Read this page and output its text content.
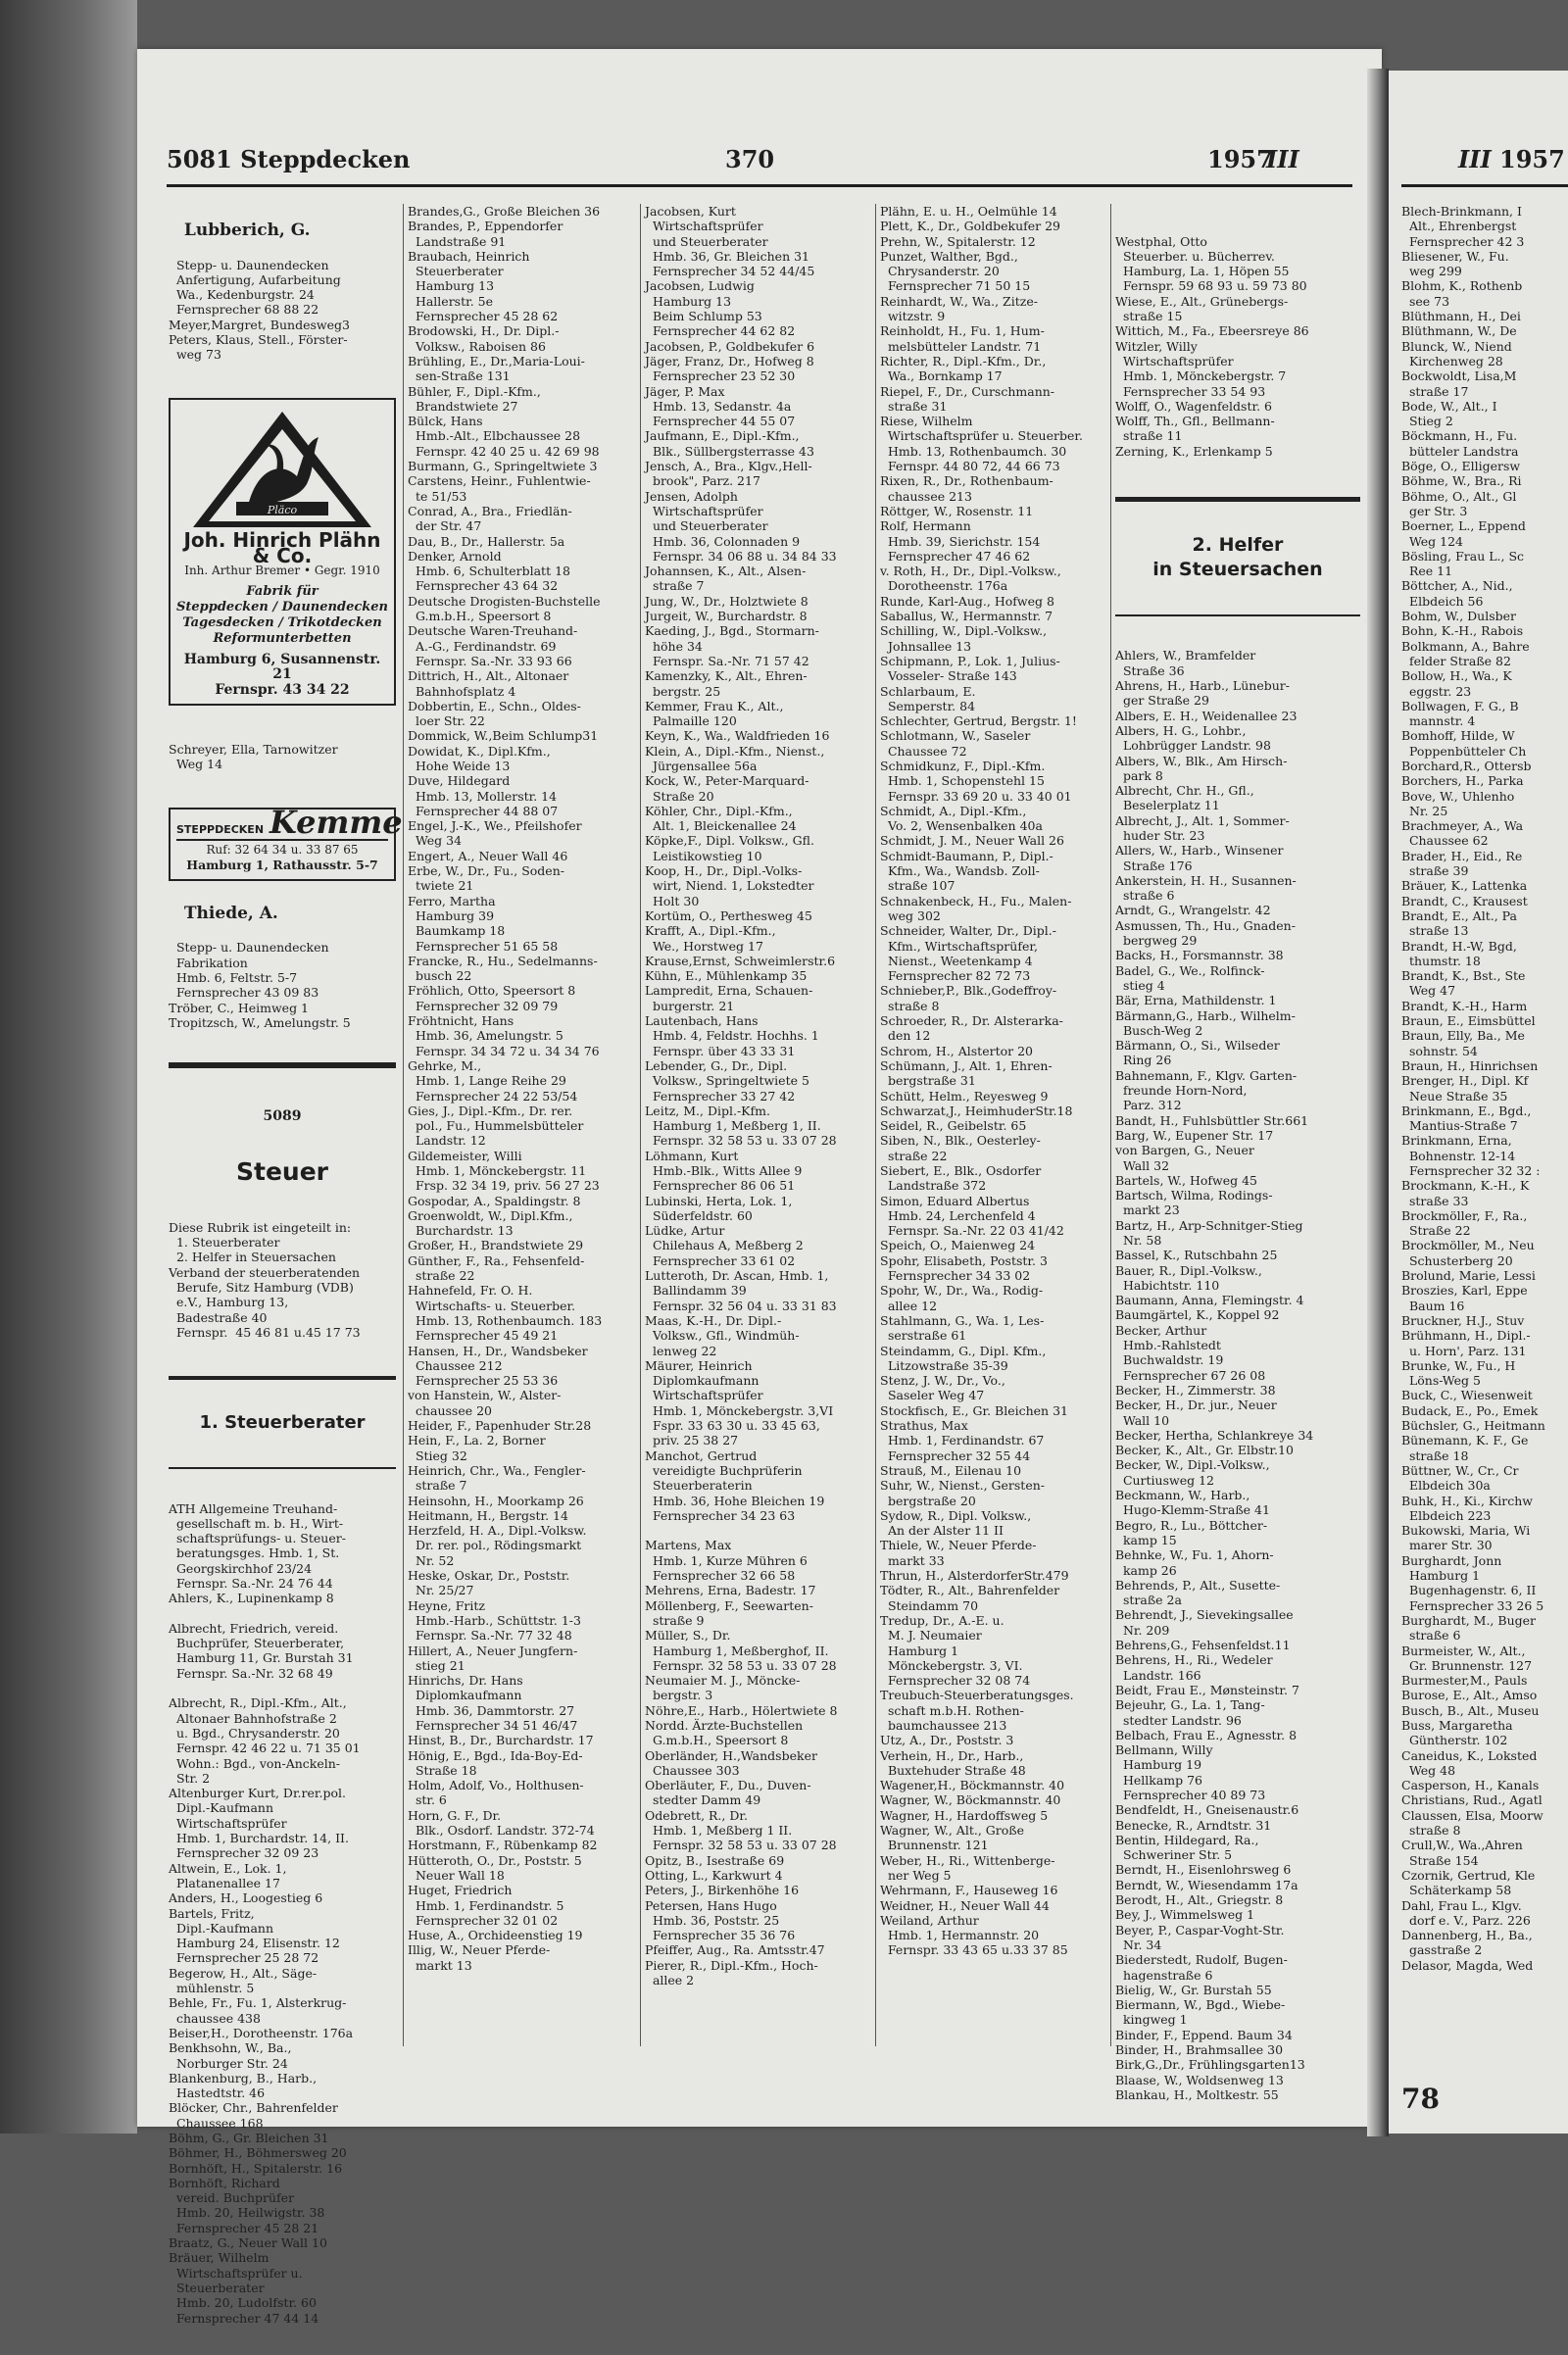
5081 Steppdecken	370	1957
III	III 1957

Lubberich, G.

Stepp- u. Daunendecken
Anfertigung, Aufarbeitung
Wa., Kedenburgstr. 24
Fernsprecher 68 88 22
Meyer,Margret, Bundesweg3
Peters, Klaus, Stell., Förster-
weg 73

Pläco
Joh. Hinrich Plähn & Co.
Inh. Arthur Bremer • Gegr. 1910
Fabrik für
Steppdecken / Daunendecken
Tagesdecken / Trikotdecken
Reformunterbetten
Hamburg 6, Susannenstr. 21
Fernspr. 43 34 22

Schreyer, Ella, Tarnowitzer
Weg 14

STEPPDECKEN Kemme
Ruf: 32 64 34 u. 33 87 65
Hamburg 1, Rathausstr. 5-7

Thiede, A.

Stepp- u. Daunendecken
Fabrikation
Hmb. 6, Feltstr. 5-7
Fernsprecher 43 09 83
Tröber, C., Heimweg 1
Tropitzsch, W., Amelungstr. 5

5089

Steuer

Diese Rubrik ist eingeteilt in:
1. Steuerberater
2. Helfer in Steuersachen
Verband der steuerberatenden
Berufe, Sitz Hamburg (VDB)
e.V., Hamburg 13,
Badestraße 40
Fernspr.  45 46 81 u.45 17 73

1. Steuerberater

ATH Allgemeine Treuhand-
gesellschaft m. b. H., Wirt-
schaftsprüfungs- u. Steuer-
beratungsges. Hmb. 1, St.
Georgskirchhof 23/24
Fernspr. Sa.-Nr. 24 76 44
Ahlers, K., Lupinenkamp 8

Albrecht, Friedrich, vereid.
Buchprüfer, Steuerberater,
Hamburg 11, Gr. Burstah 31
Fernspr. Sa.-Nr. 32 68 49

Albrecht, R., Dipl.-Kfm., Alt.,
Altonaer Bahnhofstraße 2
u. Bgd., Chrysanderstr. 20
Fernspr. 42 46 22 u. 71 35 01
Wohn.: Bgd., von-Anckeln-
Str. 2
Altenburger Kurt, Dr.rer.pol.
Dipl.-Kaufmann
Wirtschaftsprüfer
Hmb. 1, Burchardstr. 14, II.
Fernsprecher 32 09 23
Altwein, E., Lok. 1,
Platanenallee 17
Anders, H., Loogestieg 6
Bartels, Fritz,
Dipl.-Kaufmann
Hamburg 24, Elisenstr. 12
Fernsprecher 25 28 72
Begerow, H., Alt., Säge-
mühlenstr. 5
Behle, Fr., Fu. 1, Alsterkrug-
chaussee 438
Beiser,H., Dorotheenstr. 176a
Benkhsohn, W., Ba.,
Norburger Str. 24
Blankenburg, B., Harb.,
Hastedtstr. 46
Blöcker, Chr., Bahrenfelder
Chaussee 168
Böhm, G., Gr. Bleichen 31
Böhmer, H., Böhmersweg 20
Bornhöft, H., Spitalerstr. 16
Bornhöft, Richard
vereid. Buchprüfer
Hmb. 20, Heilwigstr. 38
Fernsprecher 45 28 21
Braatz, G., Neuer Wall 10
Bräuer, Wilhelm
Wirtschaftsprüfer u.
Steuerberater
Hmb. 20, Ludolfstr. 60
Fernsprecher 47 44 14

Brandes,G., Große Bleichen 36
Brandes, P., Eppendorfer
Landstraße 91
Braubach, Heinrich
Steuerberater
Hamburg 13
Hallerstr. 5e
Fernsprecher 45 28 62
Brodowski, H., Dr. Dipl.-
Volksw., Raboisen 86
Brühling, E., Dr.,Maria-Loui-
sen-Straße 131
Bühler, F., Dipl.-Kfm.,
Brandstwiete 27
Bülck, Hans
Hmb.-Alt., Elbchaussee 28
Fernspr. 42 40 25 u. 42 69 98
Burmann, G., Springeltwiete 3
Carstens, Heinr., Fuhlentwie-
te 51/53
Conrad, A., Bra., Friedlän-
der Str. 47
Dau, B., Dr., Hallerstr. 5a
Denker, Arnold
Hmb. 6, Schulterblatt 18
Fernsprecher 43 64 32
Deutsche Drogisten-Buchstelle
G.m.b.H., Speersort 8
Deutsche Waren-Treuhand-
A.-G., Ferdinandstr. 69
Fernspr. Sa.-Nr. 33 93 66
Dittrich, H., Alt., Altonaer
Bahnhofsplatz 4
Dobbertin, E., Schn., Oldes-
loer Str. 22
Dommick, W.,Beim Schlump31
Dowidat, K., Dipl.Kfm.,
Hohe Weide 13
Duve, Hildegard
Hmb. 13, Mollerstr. 14
Fernsprecher 44 88 07
Engel, J.-K., We., Pfeilshofer
Weg 34
Engert, A., Neuer Wall 46
Erbe, W., Dr., Fu., Soden-
twiete 21
Ferro, Martha
Hamburg 39
Baumkamp 18
Fernsprecher 51 65 58
Francke, R., Hu., Sedelmanns-
busch 22
Fröhlich, Otto, Speersort 8
Fernsprecher 32 09 79
Fröhtnicht, Hans
Hmb. 36, Amelungstr. 5
Fernspr. 34 34 72 u. 34 34 76
Gehrke, M.,
Hmb. 1, Lange Reihe 29
Fernsprecher 24 22 53/54
Gies, J., Dipl.-Kfm., Dr. rer.
pol., Fu., Hummelsbütteler
Landstr. 12
Gildemeister, Willi
Hmb. 1, Mönckebergstr. 11
Frsp. 32 34 19, priv. 56 27 23
Gospodar, A., Spaldingstr. 8
Groenwoldt, W., Dipl.Kfm.,
Burchardstr. 13
Großer, H., Brandstwiete 29
Günther, F., Ra., Fehsenfeld-
straße 22
Hahnefeld, Fr. O. H.
Wirtschafts- u. Steuerber.
Hmb. 13, Rothenbaumch. 183
Fernsprecher 45 49 21
Hansen, H., Dr., Wandsbeker
Chaussee 212
Fernsprecher 25 53 36
von Hanstein, W., Alster-
chaussee 20
Heider, F., Papenhuder Str.28
Hein, F., La. 2, Borner
Stieg 32
Heinrich, Chr., Wa., Fengler-
straße 7
Heinsohn, H., Moorkamp 26
Heitmann, H., Bergstr. 14
Herzfeld, H. A., Dipl.-Volksw.
Dr. rer. pol., Rödingsmarkt
Nr. 52
Heske, Oskar, Dr., Poststr.
Nr. 25/27
Heyne, Fritz
Hmb.-Harb., Schüttstr. 1-3
Fernspr. Sa.-Nr. 77 32 48
Hillert, A., Neuer Jungfern-
stieg 21
Hinrichs, Dr. Hans
Diplomkaufmann
Hmb. 36, Dammtorstr. 27
Fernsprecher 34 51 46/47
Hinst, B., Dr., Burchardstr. 17
Hönig, E., Bgd., Ida-Boy-Ed-
Straße 18
Holm, Adolf, Vo., Holthusen-
str. 6
Horn, G. F., Dr.
Blk., Osdorf. Landstr. 372-74
Horstmann, F., Rübenkamp 82
Hütteroth, O., Dr., Poststr. 5
Neuer Wall 18
Huget, Friedrich
Hmb. 1, Ferdinandstr. 5
Fernsprecher 32 01 02
Huse, A., Orchideenstieg 19
Illig, W., Neuer Pferde-
markt 13
Jacobsen, Kurt
Wirtschaftsprüfer
und Steuerberater
Hmb. 36, Gr. Bleichen 31
Fernsprecher 34 52 44/45
Jacobsen, Ludwig
Hamburg 13
Beim Schlump 53
Fernsprecher 44 62 82
Jacobsen, P., Goldbekufer 6
Jäger, Franz, Dr., Hofweg 8
Fernsprecher 23 52 30
Jäger, P. Max
Hmb. 13, Sedanstr. 4a
Fernsprecher 44 55 07
Jaufmann, E., Dipl.-Kfm.,
Blk., Süllbergsterrasse 43
Jensch, A., Bra., Klgv.,Hell-
brook", Parz. 217
Jensen, Adolph
Wirtschaftsprüfer
und Steuerberater
Hmb. 36, Colonnaden 9
Fernspr. 34 06 88 u. 34 84 33
Johannsen, K., Alt., Alsen-
straße 7
Jung, W., Dr., Holztwiete 8
Jurgeit, W., Burchardstr. 8
Kaeding, J., Bgd., Stormarn-
höhe 34
Fernspr. Sa.-Nr. 71 57 42
Kamenzky, K., Alt., Ehren-
bergstr. 25
Kemmer, Frau K., Alt.,
Palmaille 120
Keyn, K., Wa., Waldfrieden 16
Klein, A., Dipl.-Kfm., Nienst.,
Jürgensallee 56a
Kock, W., Peter-Marquard-
Straße 20
Köhler, Chr., Dipl.-Kfm.,
Alt. 1, Bleickenallee 24
Köpke,F., Dipl. Volksw., Gfl.
Leistikowstieg 10
Koop, H., Dr., Dipl.-Volks-
wirt, Niend. 1, Lokstedter
Holt 30
Kortüm, O., Perthesweg 45
Krafft, A., Dipl.-Kfm.,
We., Horstweg 17
Krause,Ernst, Schweimlerstr.6
Kühn, E., Mühlenkamp 35
Lampredit, Erna, Schauen-
burgerstr. 21
Lautenbach, Hans
Hmb. 4, Feldstr. Hochhs. 1
Fernspr. über 43 33 31
Lebender, G., Dr., Dipl.
Volksw., Springeltwiete 5
Fernsprecher 33 27 42
Leitz, M., Dipl.-Kfm.
Hamburg 1, Meßberg 1, II.
Fernspr. 32 58 53 u. 33 07 28
Löhmann, Kurt
Hmb.-Blk., Witts Allee 9
Fernsprecher 86 06 51
Lubinski, Herta, Lok. 1,
Süderfeldstr. 60
Lüdke, Artur
Chilehaus A, Meßberg 2
Fernsprecher 33 61 02
Lutteroth, Dr. Ascan, Hmb. 1,
Ballindamm 39
Fernspr. 32 56 04 u. 33 31 83
Maas, K.-H., Dr. Dipl.-
Volksw., Gfl., Windmüh-
lenweg 22
Mäurer, Heinrich
Diplomkaufmann
Wirtschaftsprüfer
Hmb. 1, Mönckebergstr. 3,VI
Fspr. 33 63 30 u. 33 45 63,
priv. 25 38 27
Manchot, Gertrud
vereidigte Buchprüferin
Steuerberaterin
Hmb. 36, Hohe Bleichen 19
Fernsprecher 34 23 63

Martens, Max
Hmb. 1, Kurze Mühren 6
Fernsprecher 32 66 58
Mehrens, Erna, Badestr. 17
Möllenberg, F., Seewarten-
straße 9
Müller, S., Dr.
Hamburg 1, Meßberghof, II.
Fernspr. 32 58 53 u. 33 07 28
Neumaier M. J., Möncke-
bergstr. 3
Nöhre,E., Harb., Hölertwiete 8
Nordd. Ärzte-Buchstellen
G.m.b.H., Speersort 8
Oberländer, H.,Wandsbeker
Chaussee 303
Oberläuter, F., Du., Duven-
stedter Damm 49
Odebrett, R., Dr.
Hmb. 1, Meßberg 1 II.
Fernspr. 32 58 53 u. 33 07 28
Opitz, B., Isestraße 69
Otting, L., Karkwurt 4
Peters, J., Birkenhöhe 16
Petersen, Hans Hugo
Hmb. 36, Poststr. 25
Fernsprecher 35 36 76
Pfeiffer, Aug., Ra. Amtsstr.47
Pierer, R., Dipl.-Kfm., Hoch-
allee 2
Plähn, E. u. H., Oelmühle 14
Plett, K., Dr., Goldbekufer 29
Prehn, W., Spitalerstr. 12
Punzet, Walther, Bgd.,
Chrysanderstr. 20
Fernsprecher 71 50 15
Reinhardt, W., Wa., Zitze-
witzstr. 9
Reinholdt, H., Fu. 1, Hum-
melsbütteler Landstr. 71
Richter, R., Dipl.-Kfm., Dr.,
Wa., Bornkamp 17
Riepel, F., Dr., Curschmann-
straße 31
Riese, Wilhelm
Wirtschaftsprüfer u. Steuerber.
Hmb. 13, Rothenbaumch. 30
Fernspr. 44 80 72, 44 66 73
Rixen, R., Dr., Rothenbaum-
chaussee 213
Röttger, W., Rosenstr. 11
Rolf, Hermann
Hmb. 39, Sierichstr. 154
Fernsprecher 47 46 62
v. Roth, H., Dr., Dipl.-Volksw.,
Dorotheenstr. 176a
Runde, Karl-Aug., Hofweg 8
Saballus, W., Hermannstr. 7
Schilling, W., Dipl.-Volksw.,
Johnsallee 13
Schipmann, P., Lok. 1, Julius-
Vosseler- Straße 143
Schlarbaum, E.
Semperstr. 84
Schlechter, Gertrud, Bergstr. 1!
Schlotmann, W., Saseler
Chaussee 72
Schmidkunz, F., Dipl.-Kfm.
Hmb. 1, Schopenstehl 15
Fernspr. 33 69 20 u. 33 40 01
Schmidt, A., Dipl.-Kfm.,
Vo. 2, Wensenbalken 40a
Schmidt, J. M., Neuer Wall 26
Schmidt-Baumann, P., Dipl.-
Kfm., Wa., Wandsb. Zoll-
straße 107
Schnakenbeck, H., Fu., Malen-
weg 302
Schneider, Walter, Dr., Dipl.-
Kfm., Wirtschaftsprüfer,
Nienst., Weetenkamp 4
Fernsprecher 82 72 73
Schnieber,P., Blk.,Godeffroy-
straße 8
Schroeder, R., Dr. Alsterarka-
den 12
Schrom, H., Alstertor 20
Schümann, J., Alt. 1, Ehren-
bergstraße 31
Schütt, Helm., Reyesweg 9
Schwarzat,J., HeimhuderStr.18
Seidel, R., Geibelstr. 65
Siben, N., Blk., Oesterley-
straße 22
Siebert, E., Blk., Osdorfer
Landstraße 372
Simon, Eduard Albertus
Hmb. 24, Lerchenfeld 4
Fernspr. Sa.-Nr. 22 03 41/42
Speich, O., Maienweg 24
Spohr, Elisabeth, Poststr. 3
Fernsprecher 34 33 02
Spohr, W., Dr., Wa., Rodig-
allee 12
Stahlmann, G., Wa. 1, Les-
serstraße 61
Steindamm, G., Dipl. Kfm.,
Litzowstraße 35-39
Stenz, J. W., Dr., Vo.,
Saseler Weg 47
Stockfisch, E., Gr. Bleichen 31
Strathus, Max
Hmb. 1, Ferdinandstr. 67
Fernsprecher 32 55 44
Strauß, M., Eilenau 10
Suhr, W., Nienst., Gersten-
bergstraße 20
Sydow, R., Dipl. Volksw.,
An der Alster 11 II
Thiele, W., Neuer Pferde-
markt 33
Thrun, H., AlsterdorferStr.479
Tödter, R., Alt., Bahrenfelder
Steindamm 70
Tredup, Dr., A.-E. u.
M. J. Neumaier
Hamburg 1
Mönckebergstr. 3, VI.
Fernsprecher 32 08 74
Treubuch-Steuerberatungsges.
schaft m.b.H. Rothen-
baumchaussee 213
Utz, A., Dr., Poststr. 3
Verhein, H., Dr., Harb.,
Buxtehuder Straße 48
Wagener,H., Böckmannstr. 40
Wagner, W., Böckmannstr. 40
Wagner, H., Hardoffsweg 5
Wagner, W., Alt., Große
Brunnenstr. 121
Weber, H., Ri., Wittenberge-
ner Weg 5
Wehrmann, F., Hauseweg 16
Weidner, H., Neuer Wall 44
Weiland, Arthur
Hmb. 1, Hermannstr. 20
Fernspr. 33 43 65 u.33 37 85

Westphal, Otto
Steuerber. u. Bücherrev.
Hamburg, La. 1, Höpen 55
Fernspr. 59 68 93 u. 59 73 80
Wiese, E., Alt., Grünebergs-
straße 15
Wittich, M., Fa., Ebeersreye 86
Witzler, Willy
Wirtschaftsprüfer
Hmb. 1, Mönckebergstr. 7
Fernsprecher 33 54 93
Wolff, O., Wagenfeldstr. 6
Wolff, Th., Gfl., Bellmann-
straße 11
Zerning, K., Erlenkamp 5

2. Helfer
in Steuersachen

Ahlers, W., Bramfelder
Straße 36
Ahrens, H., Harb., Lünebur-
ger Straße 29
Albers, E. H., Weidenallee 23
Albers, H. G., Lohbr.,
Lohbrügger Landstr. 98
Albers, W., Blk., Am Hirsch-
park 8
Albrecht, Chr. H., Gfl.,
Beselerplatz 11
Albrecht, J., Alt. 1, Sommer-
huder Str. 23
Allers, W., Harb., Winsener
Straße 176
Ankerstein, H. H., Susannen-
straße 6
Arndt, G., Wrangelstr. 42
Asmussen, Th., Hu., Gnaden-
bergweg 29
Backs, H., Forsmannstr. 38
Badel, G., We., Rolfinck-
stieg 4
Bär, Erna, Mathildenstr. 1
Bärmann,G., Harb., Wilhelm-
Busch-Weg 2
Bärmann, O., Si., Wilseder
Ring 26
Bahnemann, F., Klgv. Garten-
freunde Horn-Nord,
Parz. 312
Bandt, H., Fuhlsbüttler Str.661
Barg, W., Eupener Str. 17
von Bargen, G., Neuer
Wall 32
Bartels, W., Hofweg 45
Bartsch, Wilma, Rodings-
markt 23
Bartz, H., Arp-Schnitger-Stieg
Nr. 58
Bassel, K., Rutschbahn 25
Bauer, R., Dipl.-Volksw.,
Habichtstr. 110
Baumann, Anna, Flemingstr. 4
Baumgärtel, K., Koppel 92
Becker, Arthur
Hmb.-Rahlstedt
Buchwaldstr. 19
Fernsprecher 67 26 08
Becker, H., Zimmerstr. 38
Becker, H., Dr. jur., Neuer
Wall 10
Becker, Hertha, Schlankreye 34
Becker, K., Alt., Gr. Elbstr.10
Becker, W., Dipl.-Volksw.,
Curtiusweg 12
Beckmann, W., Harb.,
Hugo-Klemm-Straße 41
Begro, R., Lu., Böttcher-
kamp 15
Behnke, W., Fu. 1, Ahorn-
kamp 26
Behrends, P., Alt., Susette-
straße 2a
Behrendt, J., Sievekingsallee
Nr. 209
Behrens,G., Fehsenfeldst.11
Behrens, H., Ri., Wedeler
Landstr. 166
Beidt, Frau E., Mønsteinstr. 7
Bejeuhr, G., La. 1, Tang-
stedter Landstr. 96
Belbach, Frau E., Agnesstr. 8
Bellmann, Willy
Hamburg 19
Hellkamp 76
Fernsprecher 40 89 73
Bendfeldt, H., Gneisenaustr.6
Benecke, R., Arndtstr. 31
Bentin, Hildegard, Ra.,
Schweriner Str. 5
Berndt, H., Eisenlohrsweg 6
Berndt, W., Wiesendamm 17a
Berodt, H., Alt., Griegstr. 8
Bey, J., Wimmelsweg 1
Beyer, P., Caspar-Voght-Str.
Nr. 34
Biederstedt, Rudolf, Bugen-
hagenstraße 6
Bielig, W., Gr. Burstah 55
Biermann, W., Bgd., Wiebe-
kingweg 1
Binder, F., Eppend. Baum 34
Binder, H., Brahmsallee 30
Birk,G.,Dr., Frühlingsgarten13
Blaase, W., Woldsenweg 13
Blankau, H., Moltkestr. 55

Blech-Brinkmann, I
Alt., Ehrenbergst
Fernsprecher 42 3
Bliesener, W., Fu.
weg 299
Blohm, K., Rothenb
see 73
Blüthmann, H., Dei
Blüthmann, W., De
Blunck, W., Niend
Kirchenweg 28
Bockwoldt, Lisa,M
straße 17
Bode, W., Alt., I
Stieg 2
Böckmann, H., Fu.
bütteler Landstra
Böge, O., Elligersw
Böhme, W., Bra., Ri
Böhme, O., Alt., Gl
ger Str. 3
Boerner, L., Eppend
Weg 124
Bösling, Frau L., Sc
Ree 11
Böttcher, A., Nid.,
Elbdeich 56
Bohm, W., Dulsber
Bohn, K.-H., Rabois
Bolkmann, A., Bahre
felder Straße 82
Bollow, H., Wa., K
eggstr. 23
Bollwagen, F. G., B
mannstr. 4
Bomhoff, Hilde, W
Poppenbütteler Ch
Borchard,R., Ottersb
Borchers, H., Parka
Bove, W., Uhlenho
Nr. 25
Brachmeyer, A., Wa
Chaussee 62
Brader, H., Eid., Re
straße 39
Bräuer, K., Lattenka
Brandt, C., Krausest
Brandt, E., Alt., Pa
straße 13
Brandt, H.-W, Bgd,
thumstr. 18
Brandt, K., Bst., Ste
Weg 47
Brandt, K.-H., Harm
Braun, E., Eimsbüttel
Braun, Elly, Ba., Me
sohnstr. 54
Braun, H., Hinrichsen
Brenger, H., Dipl. Kf
Neue Straße 35
Brinkmann, E., Bgd.,
Mantius-Straße 7
Brinkmann, Erna,
Bohnenstr. 12-14
Fernsprecher 32 32 :
Brockmann, K.-H., K
straße 33
Brockmöller, F., Ra.,
Straße 22
Brockmöller, M., Neu
Schusterberg 20
Brolund, Marie, Lessi
Broszies, Karl, Eppe
Baum 16
Bruckner, H.J., Stuv
Brühmann, H., Dipl.-
u. Horn', Parz. 131
Brunke, W., Fu., H
Löns-Weg 5
Buck, C., Wiesenweit
Budack, E., Po., Emek
Büchsler, G., Heitmann
Bünemann, K. F., Ge
straße 18
Büttner, W., Cr., Cr
Elbdeich 30a
Buhk, H., Ki., Kirchw
Elbdeich 223
Bukowski, Maria, Wi
marer Str. 30
Burghardt, Jonn
Hamburg 1
Bugenhagenstr. 6, II
Fernsprecher 33 26 5
Burghardt, M., Buger
straße 6
Burmeister, W., Alt.,
Gr. Brunnenstr. 127
Burmester,M., Pauls
Burose, E., Alt., Amso
Busch, B., Alt., Museu
Buss, Margaretha
Güntherstr. 102
Caneidus, K., Loksted
Weg 48
Casperson, H., Kanals
Christians, Rud., Agatl
Claussen, Elsa, Moorw
straße 8
Crull,W., Wa.,Ahren
Straße 154
Czornik, Gertrud, Kle
Schäterkamp 58
Dahl, Frau L., Klgv.
dorf e. V., Parz. 226
Dannenberg, H., Ba.,
gasstraße 2
Delasor, Magda, Wed
78
